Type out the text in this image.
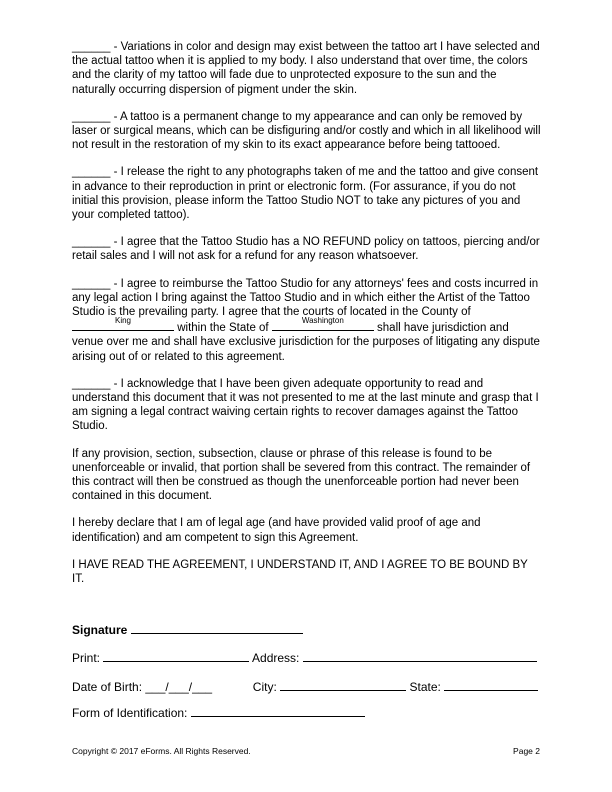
______ - Variations in color and design may exist between the tattoo art I have selected and the actual tattoo when it is applied to my body. I also understand that over time, the colors and the clarity of my tattoo will fade due to unprotected exposure to the sun and the naturally occurring dispersion of pigment under the skin.

______ - A tattoo is a permanent change to my appearance and can only be removed by laser or surgical means, which can be disfiguring and/or costly and which in all likelihood will not result in the restoration of my skin to its exact appearance before being tattooed.

______ - I release the right to any photographs taken of me and the tattoo and give consent in advance to their reproduction in print or electronic form. (For assurance, if you do not initial this provision, please inform the Tattoo Studio NOT to take any pictures of you and your completed tattoo).

______ - I agree that the Tattoo Studio has a NO REFUND policy on tattoos, piercing and/or retail sales and I will not ask for a refund for any reason whatsoever.

______ - I agree to reimburse the Tattoo Studio for any attorneys' fees and costs incurred in any legal action I bring against the Tattoo Studio and in which either the Artist of the Tattoo Studio is the prevailing party. I agree that the courts of located in the County of
King
within the State of
Washington
shall have jurisdiction and venue over me and shall have exclusive jurisdiction for the purposes of litigating any dispute arising out of or related to this agreement.

______ - I acknowledge that I have been given adequate opportunity to read and understand this document that it was not presented to me at the last minute and grasp that I am signing a legal contract waiving certain rights to recover damages against the Tattoo Studio.

If any provision, section, subsection, clause or phrase of this release is found to be unenforceable or invalid, that portion shall be severed from this contract. The remainder of this contract will then be construed as though the unenforceable portion had never been contained in this document.

I hereby declare that I am of legal age (and have provided valid proof of age and identification) and am competent to sign this Agreement.

I HAVE READ THE AGREEMENT, I UNDERSTAND IT, AND I AGREE TO BE BOUND BY IT.

Signature
Print:	Address:
Date of Birth: ___/___/___	City:	State:
Form of Identification:
Copyright © 2017 eForms. All Rights Reserved.	Page 2
